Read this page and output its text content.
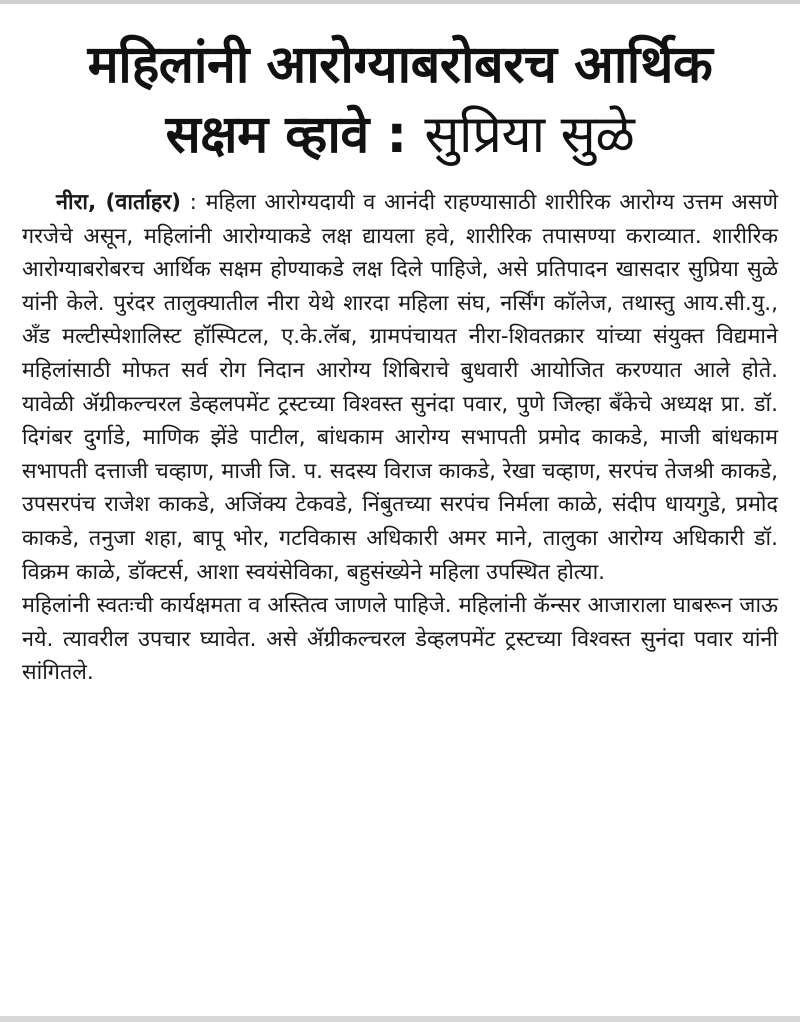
महिलांनी आरोग्याबरोबरच आर्थिक
सक्षम व्हावे : सुप्रिया सुळे

नीरा, (वार्ताहर) : महिला आरोग्यदायी व आनंदी राहण्यासाठी शारीरिक आरोग्य उत्तम असणे गरजेचे असून, महिलांनी आरोग्याकडे लक्ष द्यायला हवे, शारीरिक तपासण्या कराव्यात. शारीरिक आरोग्याबरोबरच आर्थिक सक्षम होण्याकडे लक्ष दिले पाहिजे, असे प्रतिपादन खासदार सुप्रिया सुळे यांनी केले. पुरंदर तालुक्यातील नीरा येथे शारदा महिला संघ, नर्सिंग कॉलेज, तथास्तु आय.सी.यु., अँड मल्टीस्पेशालिस्ट हॉस्पिटल, ए.के.लॅब, ग्रामपंचायत नीरा-शिवतक्रार यांच्या संयुक्त विद्यमाने महिलांसाठी मोफत सर्व रोग निदान आरोग्य शिबिराचे बुधवारी आयोजित करण्यात आले होते. यावेळी ॲग्रीकल्चरल डेव्हलपमेंट ट्रस्टच्या विश्वस्त सुनंदा पवार, पुणे जिल्हा बँकेचे अध्यक्ष प्रा. डॉ. दिगंबर दुर्गाडे, माणिक झेंडे पाटील, बांधकाम आरोग्य सभापती प्रमोद काकडे, माजी बांधकाम सभापती दत्ताजी चव्हाण, माजी जि. प. सदस्य विराज काकडे, रेखा चव्हाण, सरपंच तेजश्री काकडे, उपसरपंच राजेश काकडे, अजिंक्य टेकवडे, निंबुतच्या सरपंच निर्मला काळे, संदीप धायगुडे, प्रमोद काकडे, तनुजा शहा, बापू भोर, गटविकास अधिकारी अमर माने, तालुका आरोग्य अधिकारी डॉ. विक्रम काळे, डॉक्टर्स, आशा स्वयंसेविका, बहुसंख्येने महिला उपस्थित होत्या.
महिलांनी स्वतःची कार्यक्षमता व अस्तित्व जाणले पाहिजे. महिलांनी कॅन्सर आजाराला घाबरून जाऊ नये. त्यावरील उपचार घ्यावेत. असे ॲग्रीकल्चरल डेव्हलपमेंट ट्रस्टच्या विश्वस्त सुनंदा पवार यांनी सांगितले.
